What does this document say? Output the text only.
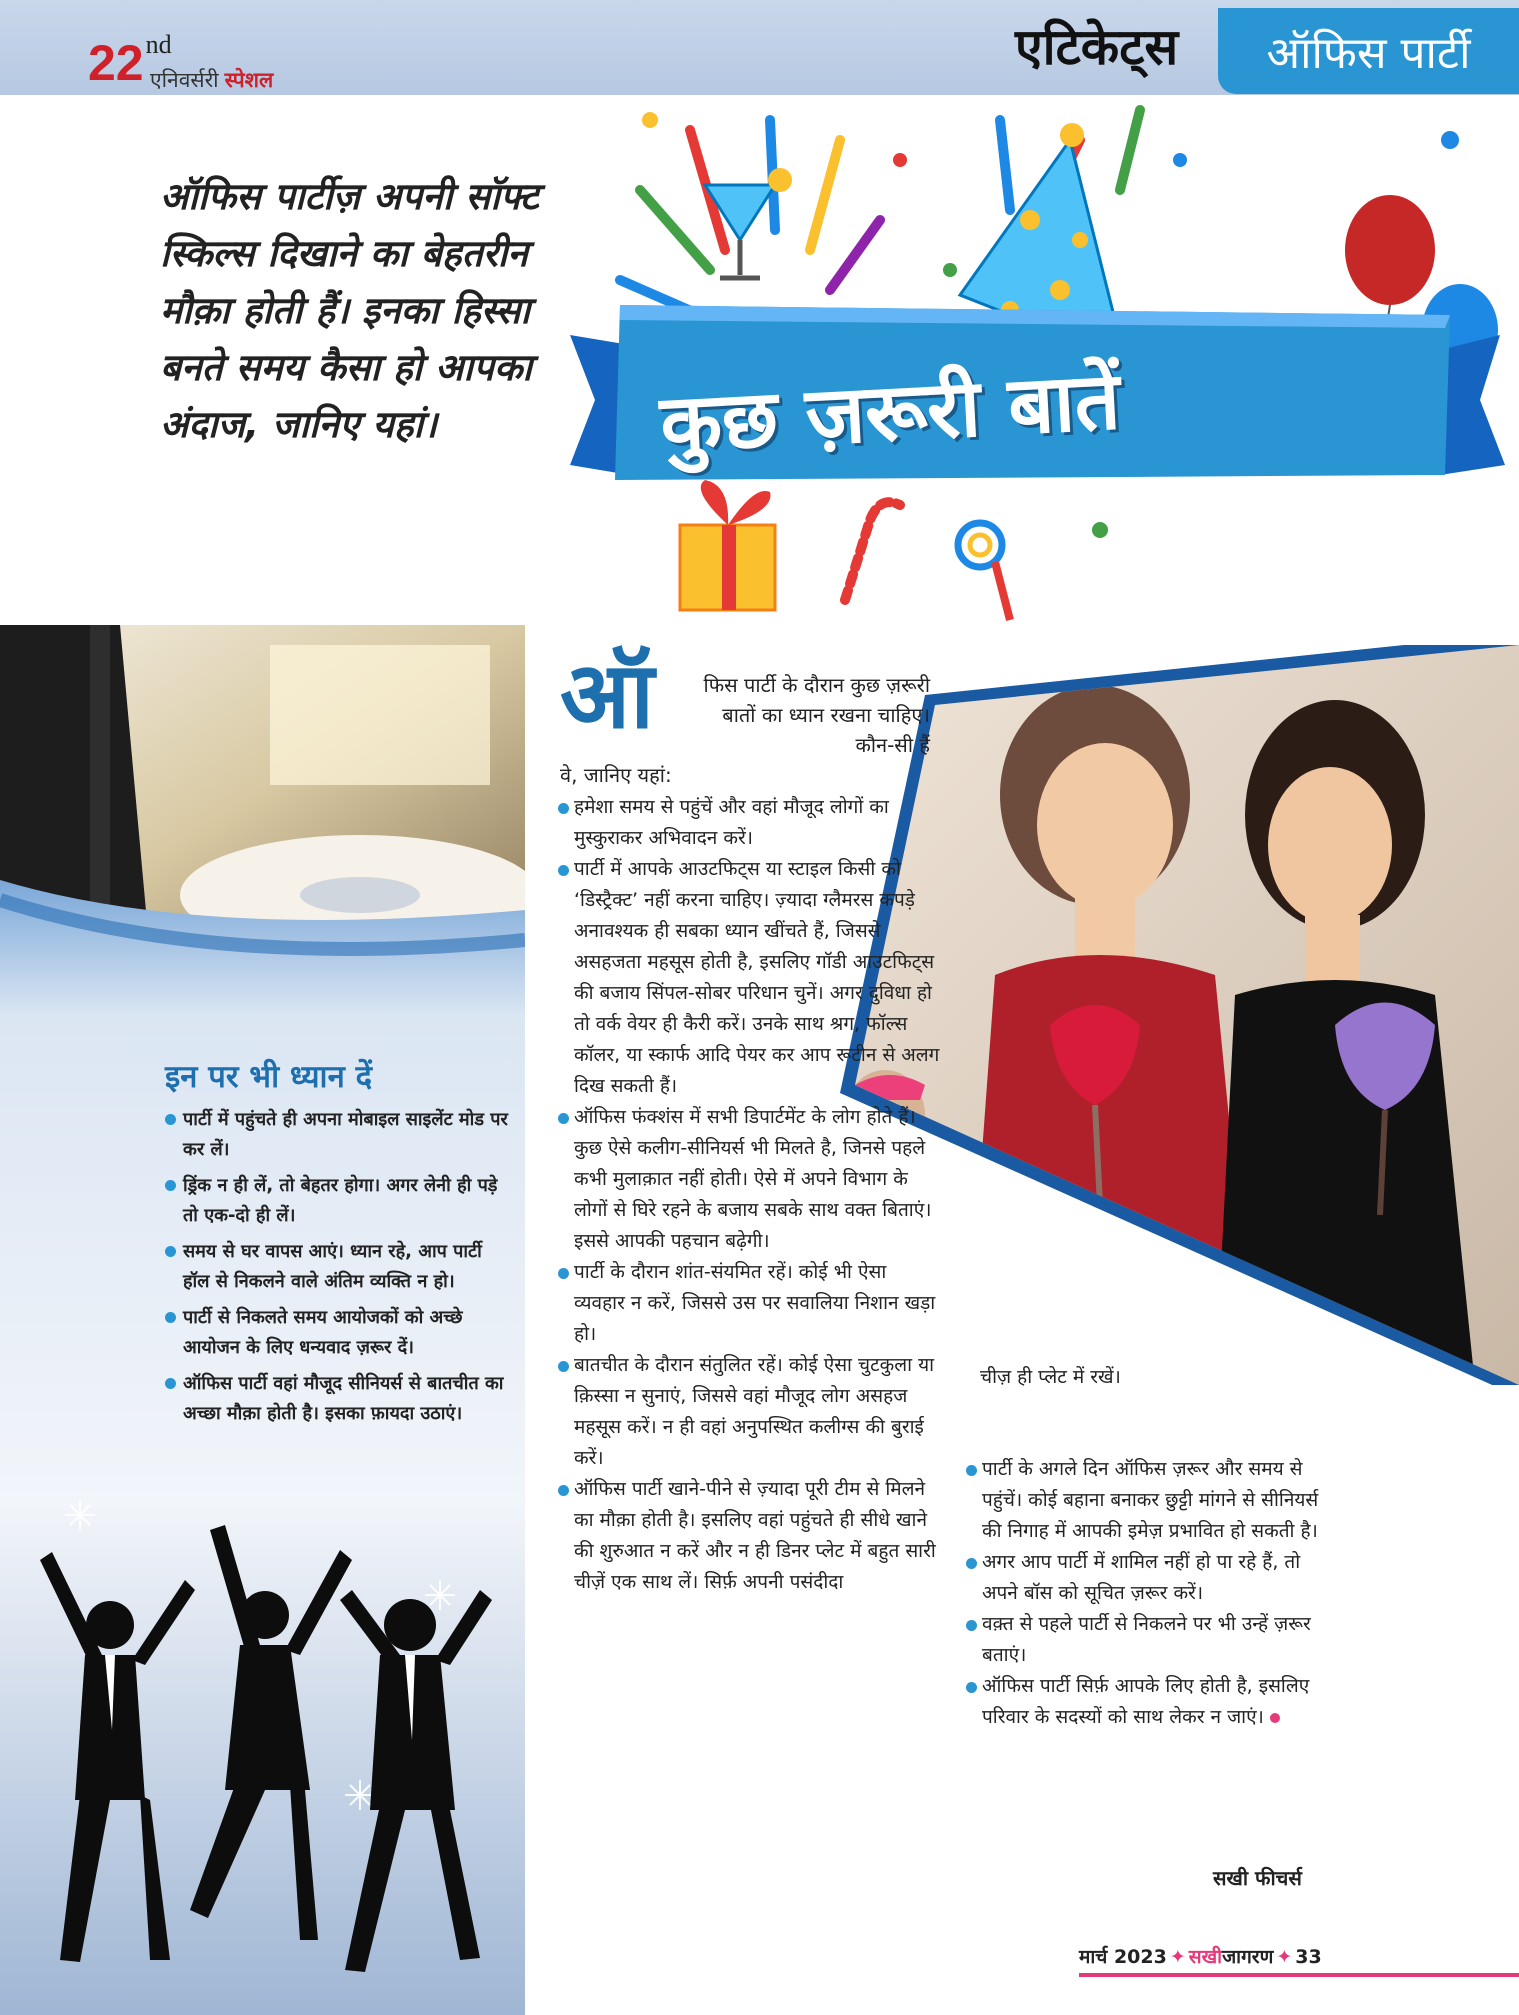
22 nd
एनिवर्सरी स्पेशल
एटिकेट्स ऑफिस पार्टी
ऑफिस पार्टीज़ अपनी सॉफ्ट स्किल्स दिखाने का बेहतरीन मौक़ा होती हैं। इनका हिस्सा बनते समय कैसा हो आपका अंदाज, जानिए यहां।	कुछ ज़रूरी बातें
इन पर भी ध्यान दें
पार्टी में पहुंचते ही अपना मोबाइल साइलेंट मोड पर कर लें।
ड्रिंक न ही लें, तो बेहतर होगा। अगर लेनी ही पड़े तो एक-दो ही लें।
समय से घर वापस आएं। ध्यान रहे, आप पार्टी हॉल से निकलने वाले अंतिम व्यक्ति न हो।
पार्टी से निकलते समय आयोजकों को अच्छे आयोजन के लिए धन्यवाद ज़रूर दें।
ऑफिस पार्टी वहां मौजूद सीनियर्स से बातचीत का अच्छा मौक़ा होती है। इसका फ़ायदा उठाएं।
ऑ	फिस पार्टी के दौरान कुछ ज़रूरी बातों का ध्यान रखना चाहिए। कौन-सी हैं
वे, जानिए यहां:
हमेशा समय से पहुंचें और वहां मौजूद लोगों का मुस्कुराकर अभिवादन करें।
पार्टी में आपके आउटफिट्स या स्टाइल किसी को ‘डिस्ट्रैक्ट’ नहीं करना चाहिए। ज़्यादा ग्लैमरस कपड़े अनावश्यक ही सबका ध्यान खींचते हैं, जिससे असहजता महसूस होती है, इसलिए गॉडी आउटफिट्स की बजाय सिंपल-सोबर परिधान चुनें। अगर दुविधा हो तो वर्क वेयर ही कैरी करें। उनके साथ श्रग, फॉल्स कॉलर, या स्कार्फ आदि पेयर कर आप रूटीन से अलग दिख सकती हैं।
ऑफिस फंक्शंस में सभी डिपार्टमेंट के लोग होते हैं। कुछ ऐसे कलीग-सीनियर्स भी मिलते है, जिनसे पहले कभी मुलाक़ात नहीं होती। ऐसे में अपने विभाग के लोगों से घिरे रहने के बजाय सबके साथ वक्त बिताएं। इससे आपकी पहचान बढ़ेगी।
पार्टी के दौरान शांत-संयमित रहें। कोई भी ऐसा व्यवहार न करें, जिससे उस पर सवालिया निशान खड़ा हो।
बातचीत के दौरान संतुलित रहें। कोई ऐसा चुटकुला या क़िस्सा न सुनाएं, जिससे वहां मौजूद लोग असहज महसूस करें। न ही वहां अनुपस्थित कलीग्स की बुराई करें।
ऑफिस पार्टी खाने-पीने से ज़्यादा पूरी टीम से मिलने का मौक़ा होती है। इसलिए वहां पहुंचते ही सीधे खाने की शुरुआत न करें और न ही डिनर प्लेट में बहुत सारी चीज़ें एक साथ लें। सिर्फ़ अपनी पसंदीदा
चीज़ ही प्लेट में रखें।
पार्टी के अगले दिन ऑफिस ज़रूर और समय से पहुंचें। कोई बहाना बनाकर छुट्टी मांगने से सीनियर्स की निगाह में आपकी इमेज़ प्रभावित हो सकती है।
अगर आप पार्टी में शामिल नहीं हो पा रहे हैं, तो अपने बॉस को सूचित ज़रूर करें।
वक़्त से पहले पार्टी से निकलने पर भी उन्हें ज़रूर बताएं।
ऑफिस पार्टी सिर्फ़ आपके लिए होती है, इसलिए परिवार के सदस्यों को साथ लेकर न जाएं।
सखी फीचर्स
मार्च 2023 ✦ सखीजागरण ✦ 33
